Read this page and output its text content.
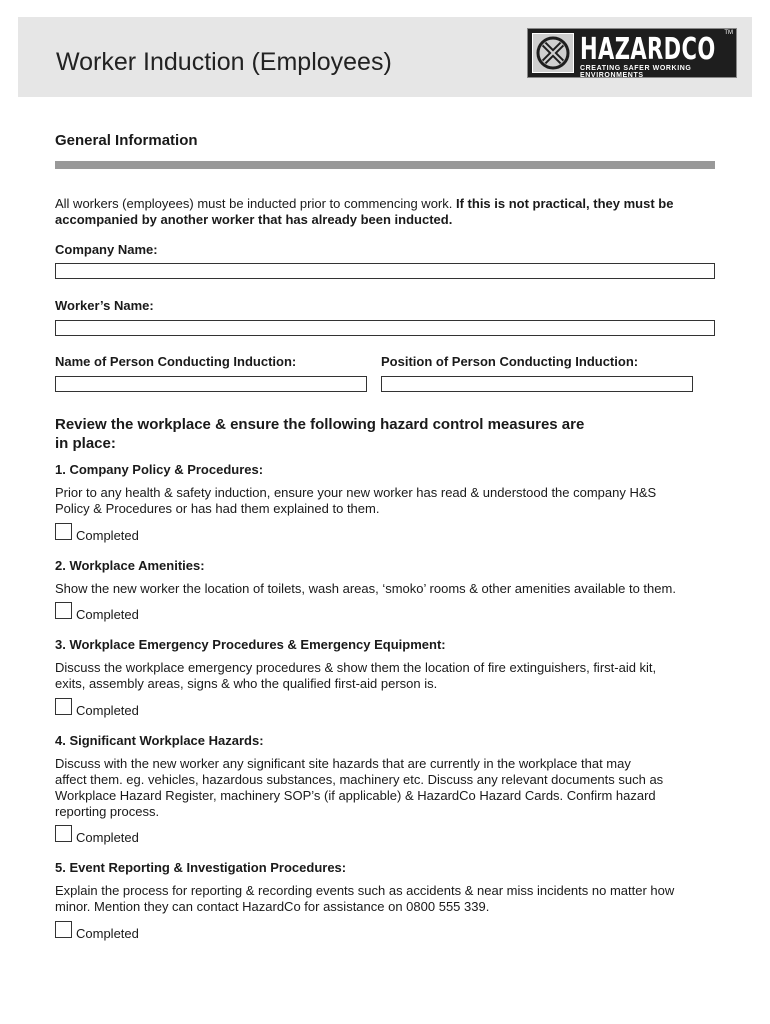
Worker Induction (Employees)	HAZARDCO
CREATING SAFER WORKING ENVIRONMENTS
TM
General Information
All workers (employees) must be inducted prior to commencing work. If this is not practical, they must be accompanied by another worker that has already been inducted.
Company Name:
Worker’s Name:
Name of Person Conducting Induction:	Position of Person Conducting Induction:
Review the workplace & ensure the following hazard control measures are
in place:
1. Company Policy & Procedures:
Prior to any health & safety induction, ensure your new worker has read & understood the company H&S
Policy & Procedures or has had them explained to them.
Completed
2. Workplace Amenities:
Show the new worker the location of toilets, wash areas, ‘smoko’ rooms & other amenities available to them.
Completed
3. Workplace Emergency Procedures & Emergency Equipment:
Discuss the workplace emergency procedures & show them the location of fire extinguishers, first-aid kit,
exits, assembly areas, signs & who the qualified first-aid person is.
Completed
4. Significant Workplace Hazards:
Discuss with the new worker any significant site hazards that are currently in the workplace that may
affect them. eg. vehicles, hazardous substances, machinery etc. Discuss any relevant documents such as
Workplace Hazard Register, machinery SOP’s (if applicable) & HazardCo Hazard Cards. Confirm hazard
reporting process.
Completed
5. Event Reporting & Investigation Procedures:
Explain the process for reporting & recording events such as accidents & near miss incidents no matter how
minor. Mention they can contact HazardCo for assistance on 0800 555 339.
Completed
